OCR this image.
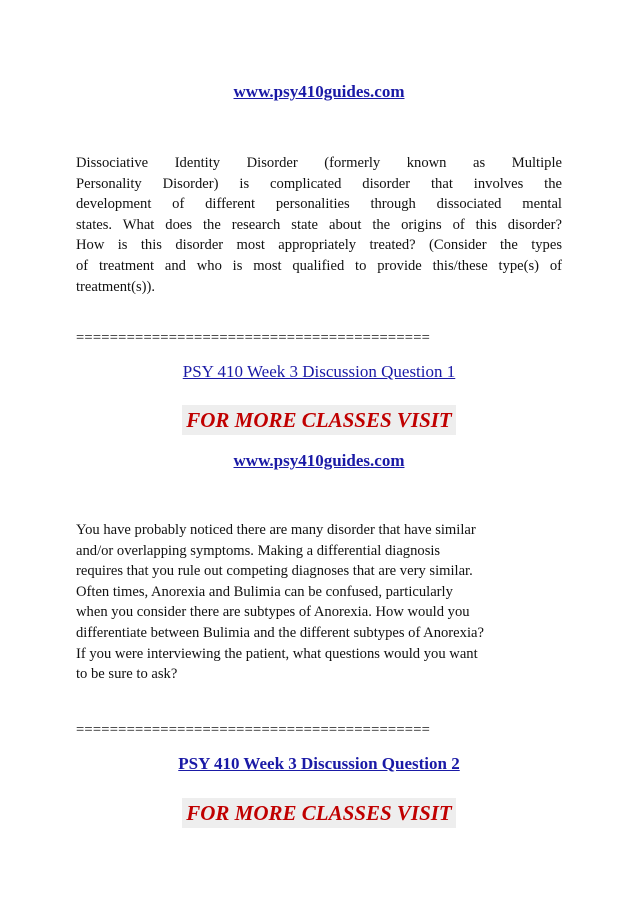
www.psy410guides.com
Dissociative Identity Disorder (formerly known as Multiple
Personality Disorder) is complicated disorder that involves the
development of different personalities through dissociated mental
states. What does the research state about the origins of this disorder?
How is this disorder most appropriately treated? (Consider the types
of treatment and who is most qualified to provide this/these type(s) of
treatment(s)).
==========================================
PSY 410 Week 3 Discussion Question 1
FOR MORE CLASSES VISIT
www.psy410guides.com
You have probably noticed there are many disorder that have similar
and/or overlapping symptoms. Making a differential diagnosis
requires that you rule out competing diagnoses that are very similar.
Often times, Anorexia and Bulimia can be confused, particularly
when you consider there are subtypes of Anorexia. How would you
differentiate between Bulimia and the different subtypes of Anorexia?
If you were interviewing the patient, what questions would you want
to be sure to ask?
==========================================
PSY 410 Week 3 Discussion Question 2
FOR MORE CLASSES VISIT
